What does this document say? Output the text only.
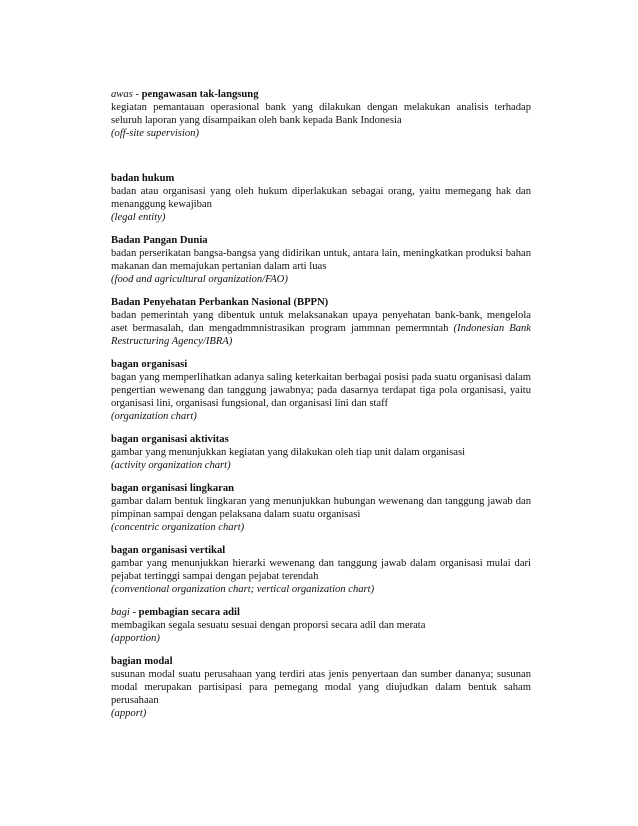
awas - pengawasan tak-langsung
kegiatan pemantauan operasional bank yang dilakukan dengan melakukan analisis terhadap seluruh laporan yang disampaikan oleh bank kepada Bank Indonesia
(off-site supervision)
badan hukum
badan atau organisasi yang oleh hukum diperlakukan sebagai orang, yaitu memegang hak dan menanggung kewajiban
(legal entity)
Badan Pangan Dunia
badan perserikatan bangsa-bangsa yang didirikan untuk, antara lain, meningkatkan produksi bahan makanan dan memajukan pertanian dalam arti luas
(food and agricultural organization/FAO)
Badan Penyehatan Perbankan Nasional (BPPN)
badan pemerintah yang dibentuk untuk melaksanakan upaya penyehatan bank-bank, mengelola aset bermasalah, dan mengadmmnistrasikan program jammnan pemermntah (Indonesian Bank Restructuring Agency/IBRA)
bagan organisasi
bagan yang memperlihatkan adanya saling keterkaitan berbagai posisi pada suatu organisasi dalam pengertian wewenang dan tanggung jawabnya; pada dasarnya terdapat tiga pola organisasi, yaitu organisasi lini, organisasi fungsional, dan organisasi lini dan staff
(organization chart)
bagan organisasi aktivitas
gambar yang menunjukkan kegiatan yang dilakukan oleh tiap unit dalam organisasi
(activity organization chart)
bagan organisasi lingkaran
gambar dalam bentuk lingkaran yang menunjukkan hubungan wewenang dan tanggung jawab dan pimpinan sampai dengan pelaksana dalam suatu organisasi
(concentric organization chart)
bagan organisasi vertikal
gambar yang menunjukkan hierarki wewenang dan tanggung jawab dalam organisasi mulai dari pejabat tertinggi sampai dengan pejabat terendah
(conventional organization chart; vertical organization chart)
bagi - pembagian secara adil
membagikan segala sesuatu sesuai dengan proporsi secara adil dan merata
(apportion)
bagian modal
susunan modal suatu perusahaan yang terdiri atas jenis penyertaan dan sumber dananya; susunan modal merupakan partisipasi para pemegang modal yang diujudkan dalam bentuk saham perusahaan
(apport)
